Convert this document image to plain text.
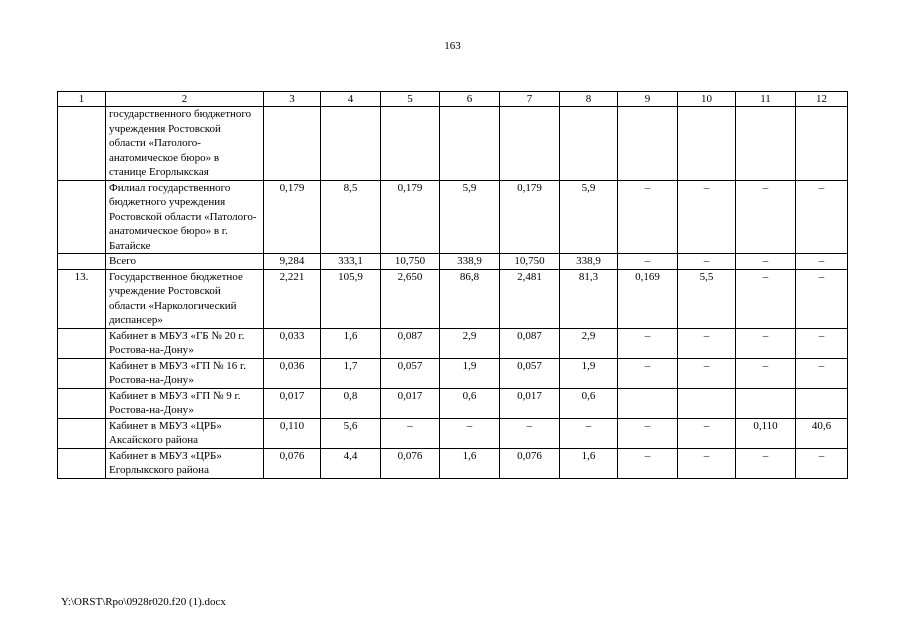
163
1	2	3	4	5	6	7	8	9	10	11	12
	государственного бюджетного учреждения Ростовской области «Патолого-анатомическое бюро» в станице Егорлыкская										
	Филиал государственного бюджетного учреждения Ростовской области «Патолого-анатомическое бюро» в г. Батайске	0,179	8,5	0,179	5,9	0,179	5,9	–	–	–	–
	Всего	9,284	333,1	10,750	338,9	10,750	338,9	–	–	–	–
13.	Государственное бюджетное учреждение Ростовской области «Наркологический диспансер»	2,221	105,9	2,650	86,8	2,481	81,3	0,169	5,5	–	–
	Кабинет в МБУЗ «ГБ № 20 г. Ростова-на-Дону»	0,033	1,6	0,087	2,9	0,087	2,9	–	–	–	–
	Кабинет в МБУЗ «ГП № 16 г. Ростова-на-Дону»	0,036	1,7	0,057	1,9	0,057	1,9	–	–	–	–
	Кабинет в МБУЗ «ГП № 9 г. Ростова-на-Дону»	0,017	0,8	0,017	0,6	0,017	0,6				
	Кабинет в МБУЗ «ЦРБ» Аксайского района	0,110	5,6	–	–	–	–	–	–	0,110	40,6
	Кабинет в МБУЗ «ЦРБ» Егорлыкского района	0,076	4,4	0,076	1,6	0,076	1,6	–	–	–	–
Y:\ORST\Rpo\0928r020.f20 (1).docx
